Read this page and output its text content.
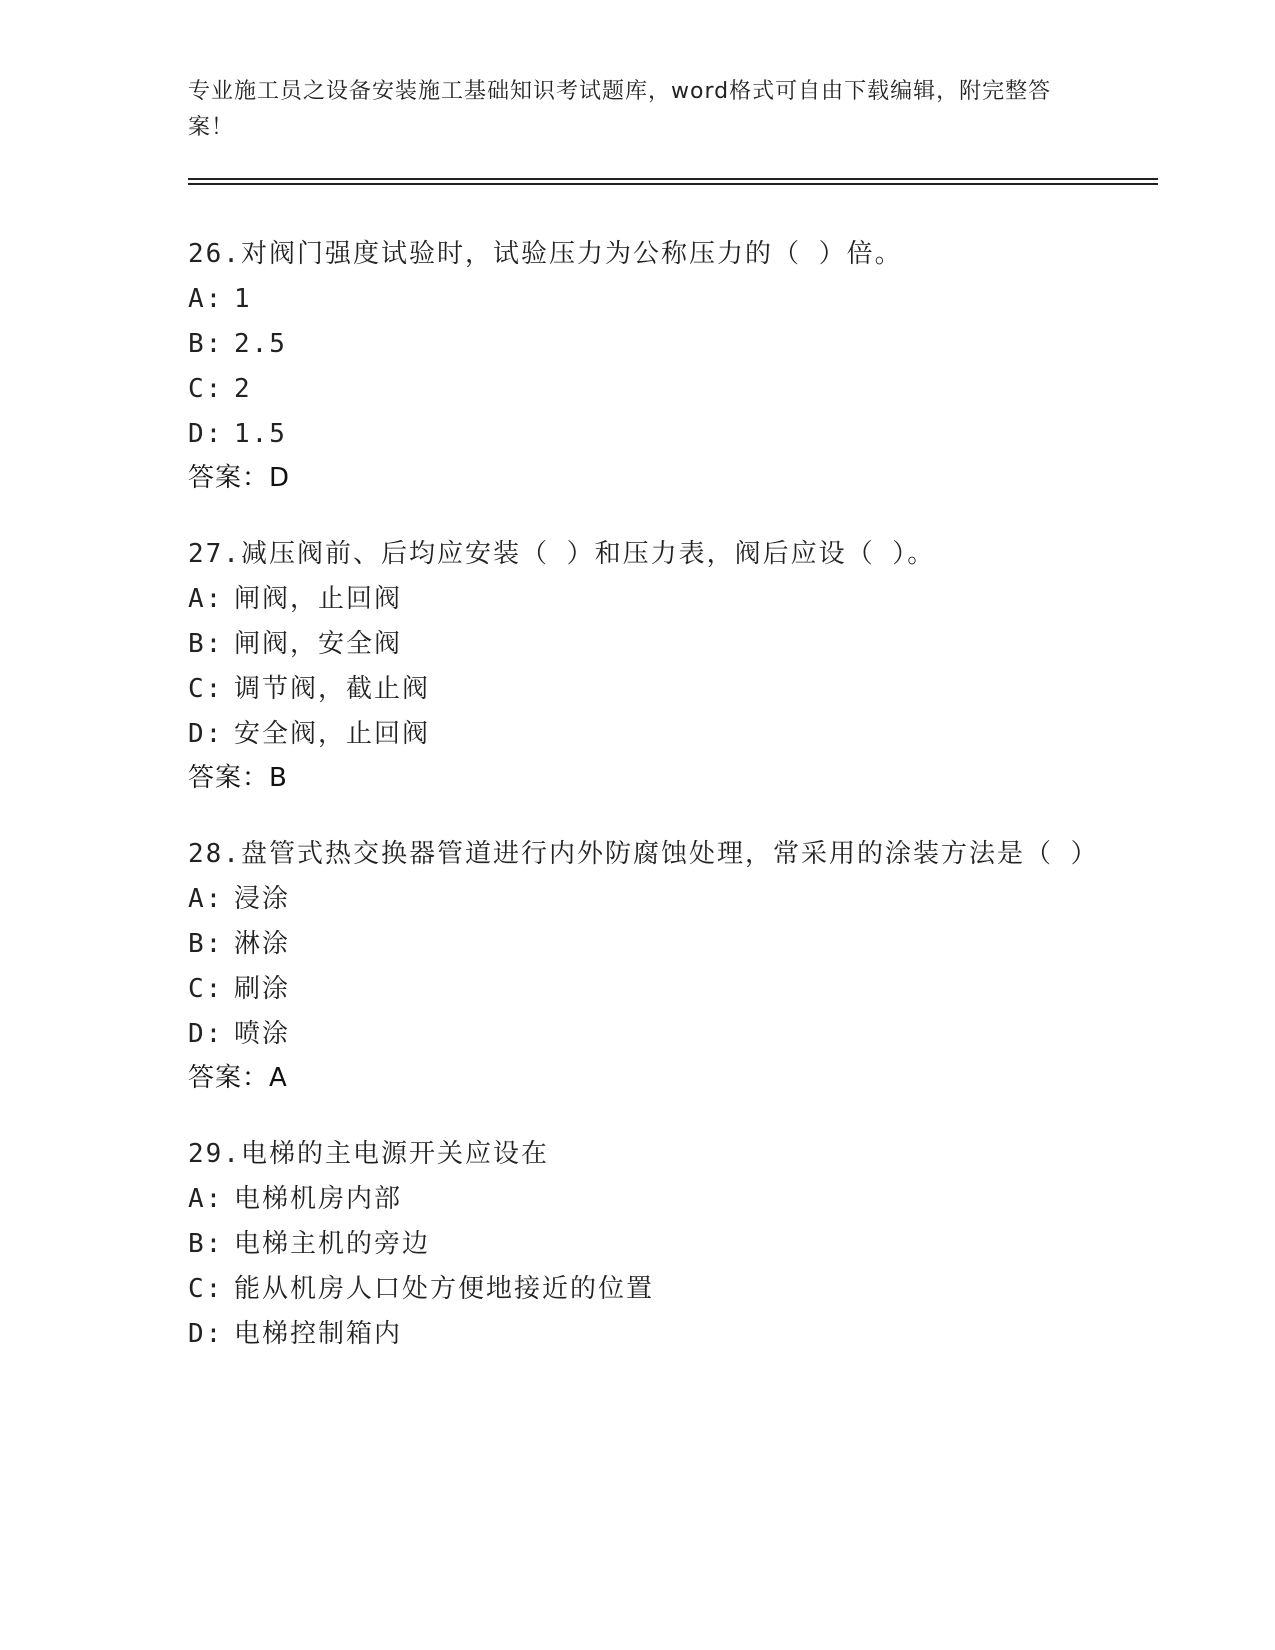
专业施工员之设备安装施工基础知识考试题库，word格式可自由下载编辑，附完整答案！
26.对阀门强度试验时，试验压力为公称压力的（ ）倍。
A: 1
B: 2.5
C: 2
D: 1.5
答案：D
27.减压阀前、后均应安装（ ）和压力表，阀后应设（ ）。
A: 闸阀，止回阀
B: 闸阀，安全阀
C: 调节阀，截止阀
D: 安全阀，止回阀
答案：B
28.盘管式热交换器管道进行内外防腐蚀处理，常采用的涂装方法是（ ）
A: 浸涂
B: 淋涂
C: 刷涂
D: 喷涂
答案：A
29.电梯的主电源开关应设在
A: 电梯机房内部
B: 电梯主机的旁边
C: 能从机房人口处方便地接近的位置
D: 电梯控制箱内
